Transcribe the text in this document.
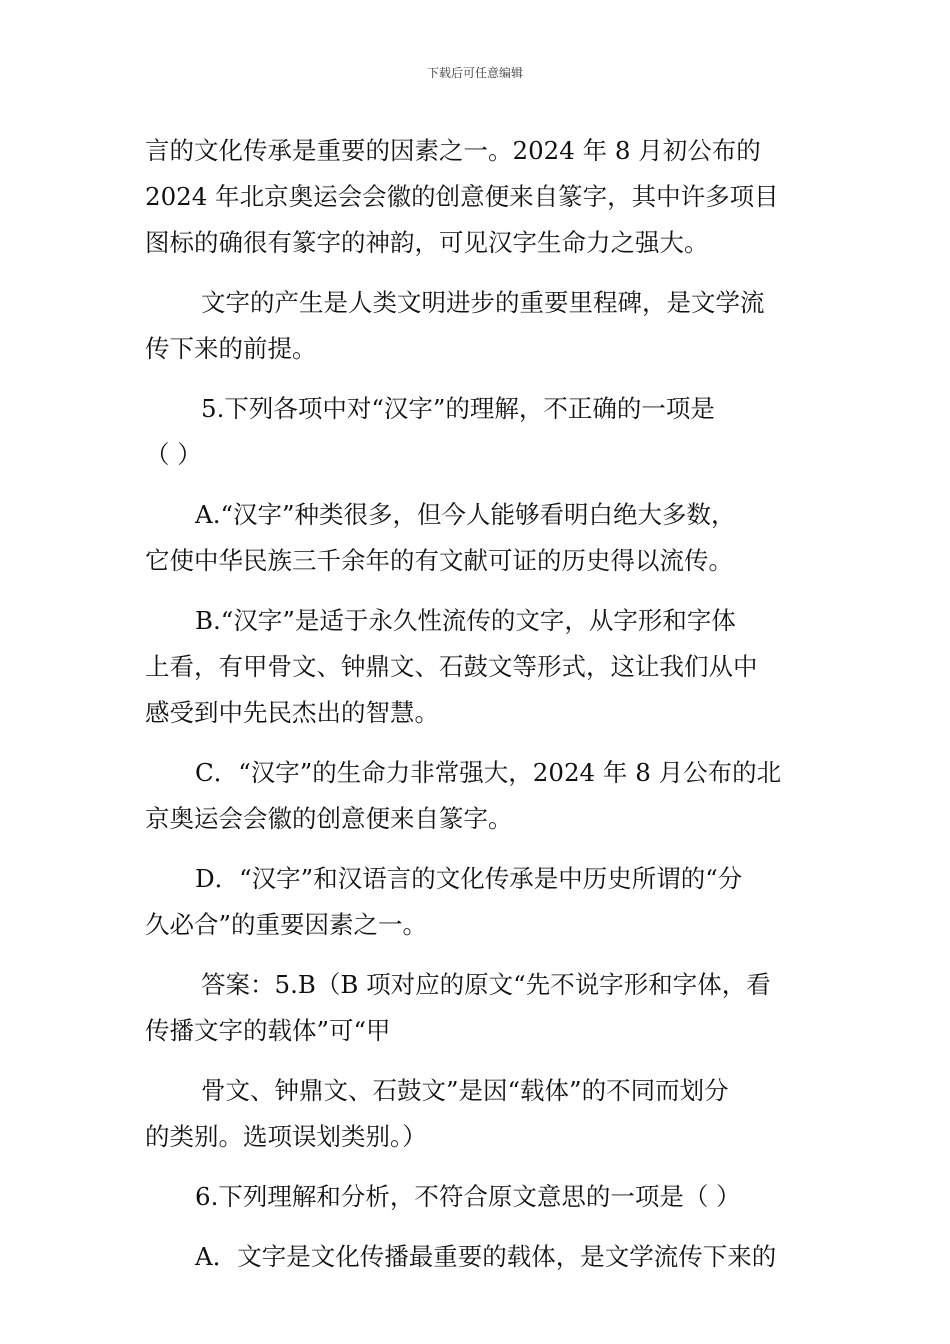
下载后可任意编辑

言的文化传承是重要的因素之一。2024 年 8 月初公布的
2024 年北京奥运会会徽的创意便来自篆字，其中许多项目
图标的确很有篆字的神韵，可见汉字生命力之强大。

文字的产生是人类文明进步的重要里程碑，是文学流
传下来的前提。

5.下列各项中对“汉字”的理解，不正确的一项是
（ ）

A.“汉字”种类很多，但今人能够看明白绝大多数，
它使中华民族三千余年的有文献可证的历史得以流传。

B.“汉字”是适于永久性流传的文字，从字形和字体
上看，有甲骨文、钟鼎文、石鼓文等形式，这让我们从中
感受到中先民杰出的智慧。

C．“汉字”的生命力非常强大，2024 年 8 月公布的北
京奥运会会徽的创意便来自篆字。

D．“汉字”和汉语言的文化传承是中历史所谓的“分
久必合”的重要因素之一。

答案：5.B（B 项对应的原文“先不说字形和字体，看
传播文字的载体”可“甲

骨文、钟鼎文、石鼓文”是因“载体”的不同而划分
的类别。选项误划类别。）

6.下列理解和分析，不符合原文意思的一项是（ ）

A．文字是文化传播最重要的载体，是文学流传下来的
